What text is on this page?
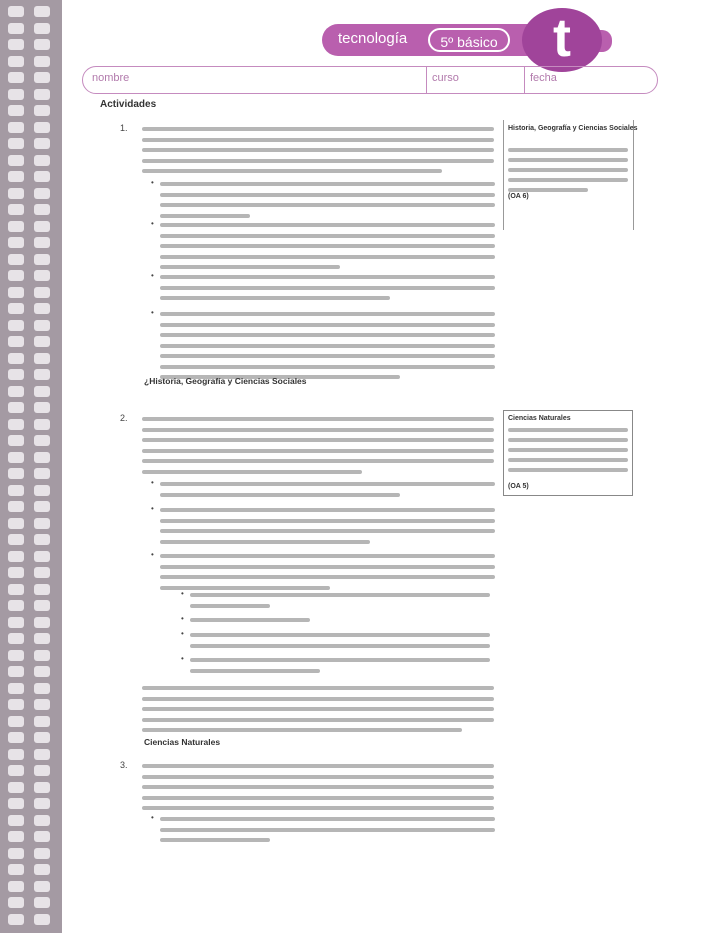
tecnología	5º básico	t
nombre	curso	fecha
Actividades
1.
•
•
•
•
¿Historia, Geografía y Ciencias Sociales
Historia, Geografía y Ciencias Sociales
(OA 6)
2.
•
•
•
•
•
•
•
Ciencias Naturales
Ciencias Naturales
(OA 5)
3.
•
